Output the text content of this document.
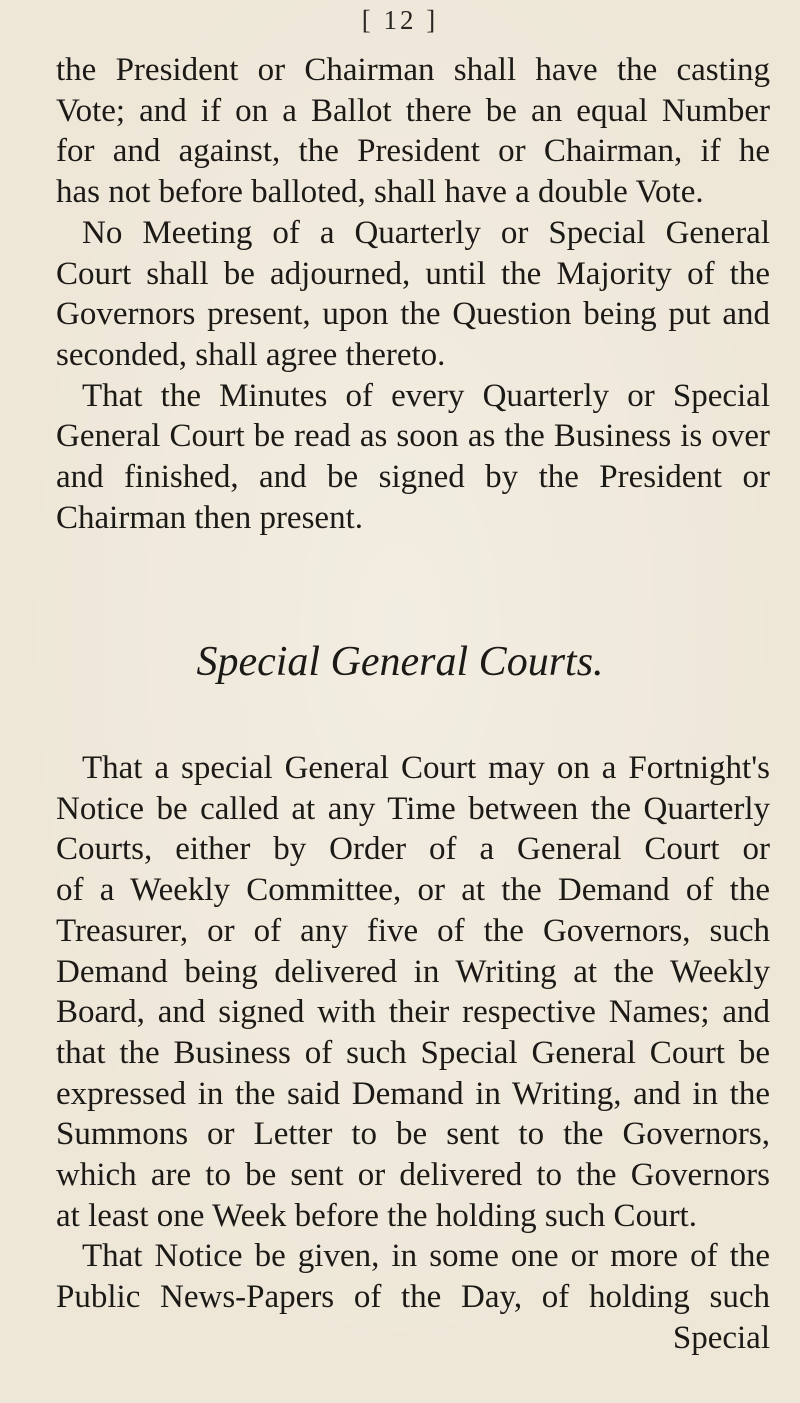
[ 12 ]
the President or Chairman shall have the casting
Vote; and if on a Ballot there be an equal Number
for and against, the President or Chairman, if he
has not before balloted, shall have a double Vote.
No Meeting of a Quarterly or Special General
Court shall be adjourned, until the Majority of the
Governors present, upon the Question being put and
seconded, shall agree thereto.
That the Minutes of every Quarterly or Special
General Court be read as soon as the Business is over
and finished, and be signed by the President or
Chairman then present.
Special General Courts.
That a special General Court may on a Fortnight's
Notice be called at any Time between the Quarterly
Courts, either by Order of a General Court or
of a Weekly Committee, or at the Demand of the
Treasurer, or of any five of the Governors, such
Demand being delivered in Writing at the Weekly
Board, and signed with their respective Names; and
that the Business of such Special General Court be
expressed in the said Demand in Writing, and in the
Summons or Letter to be sent to the Governors,
which are to be sent or delivered to the Governors
at least one Week before the holding such Court.
That Notice be given, in some one or more of the
Public News-Papers of the Day, of holding such
Special
